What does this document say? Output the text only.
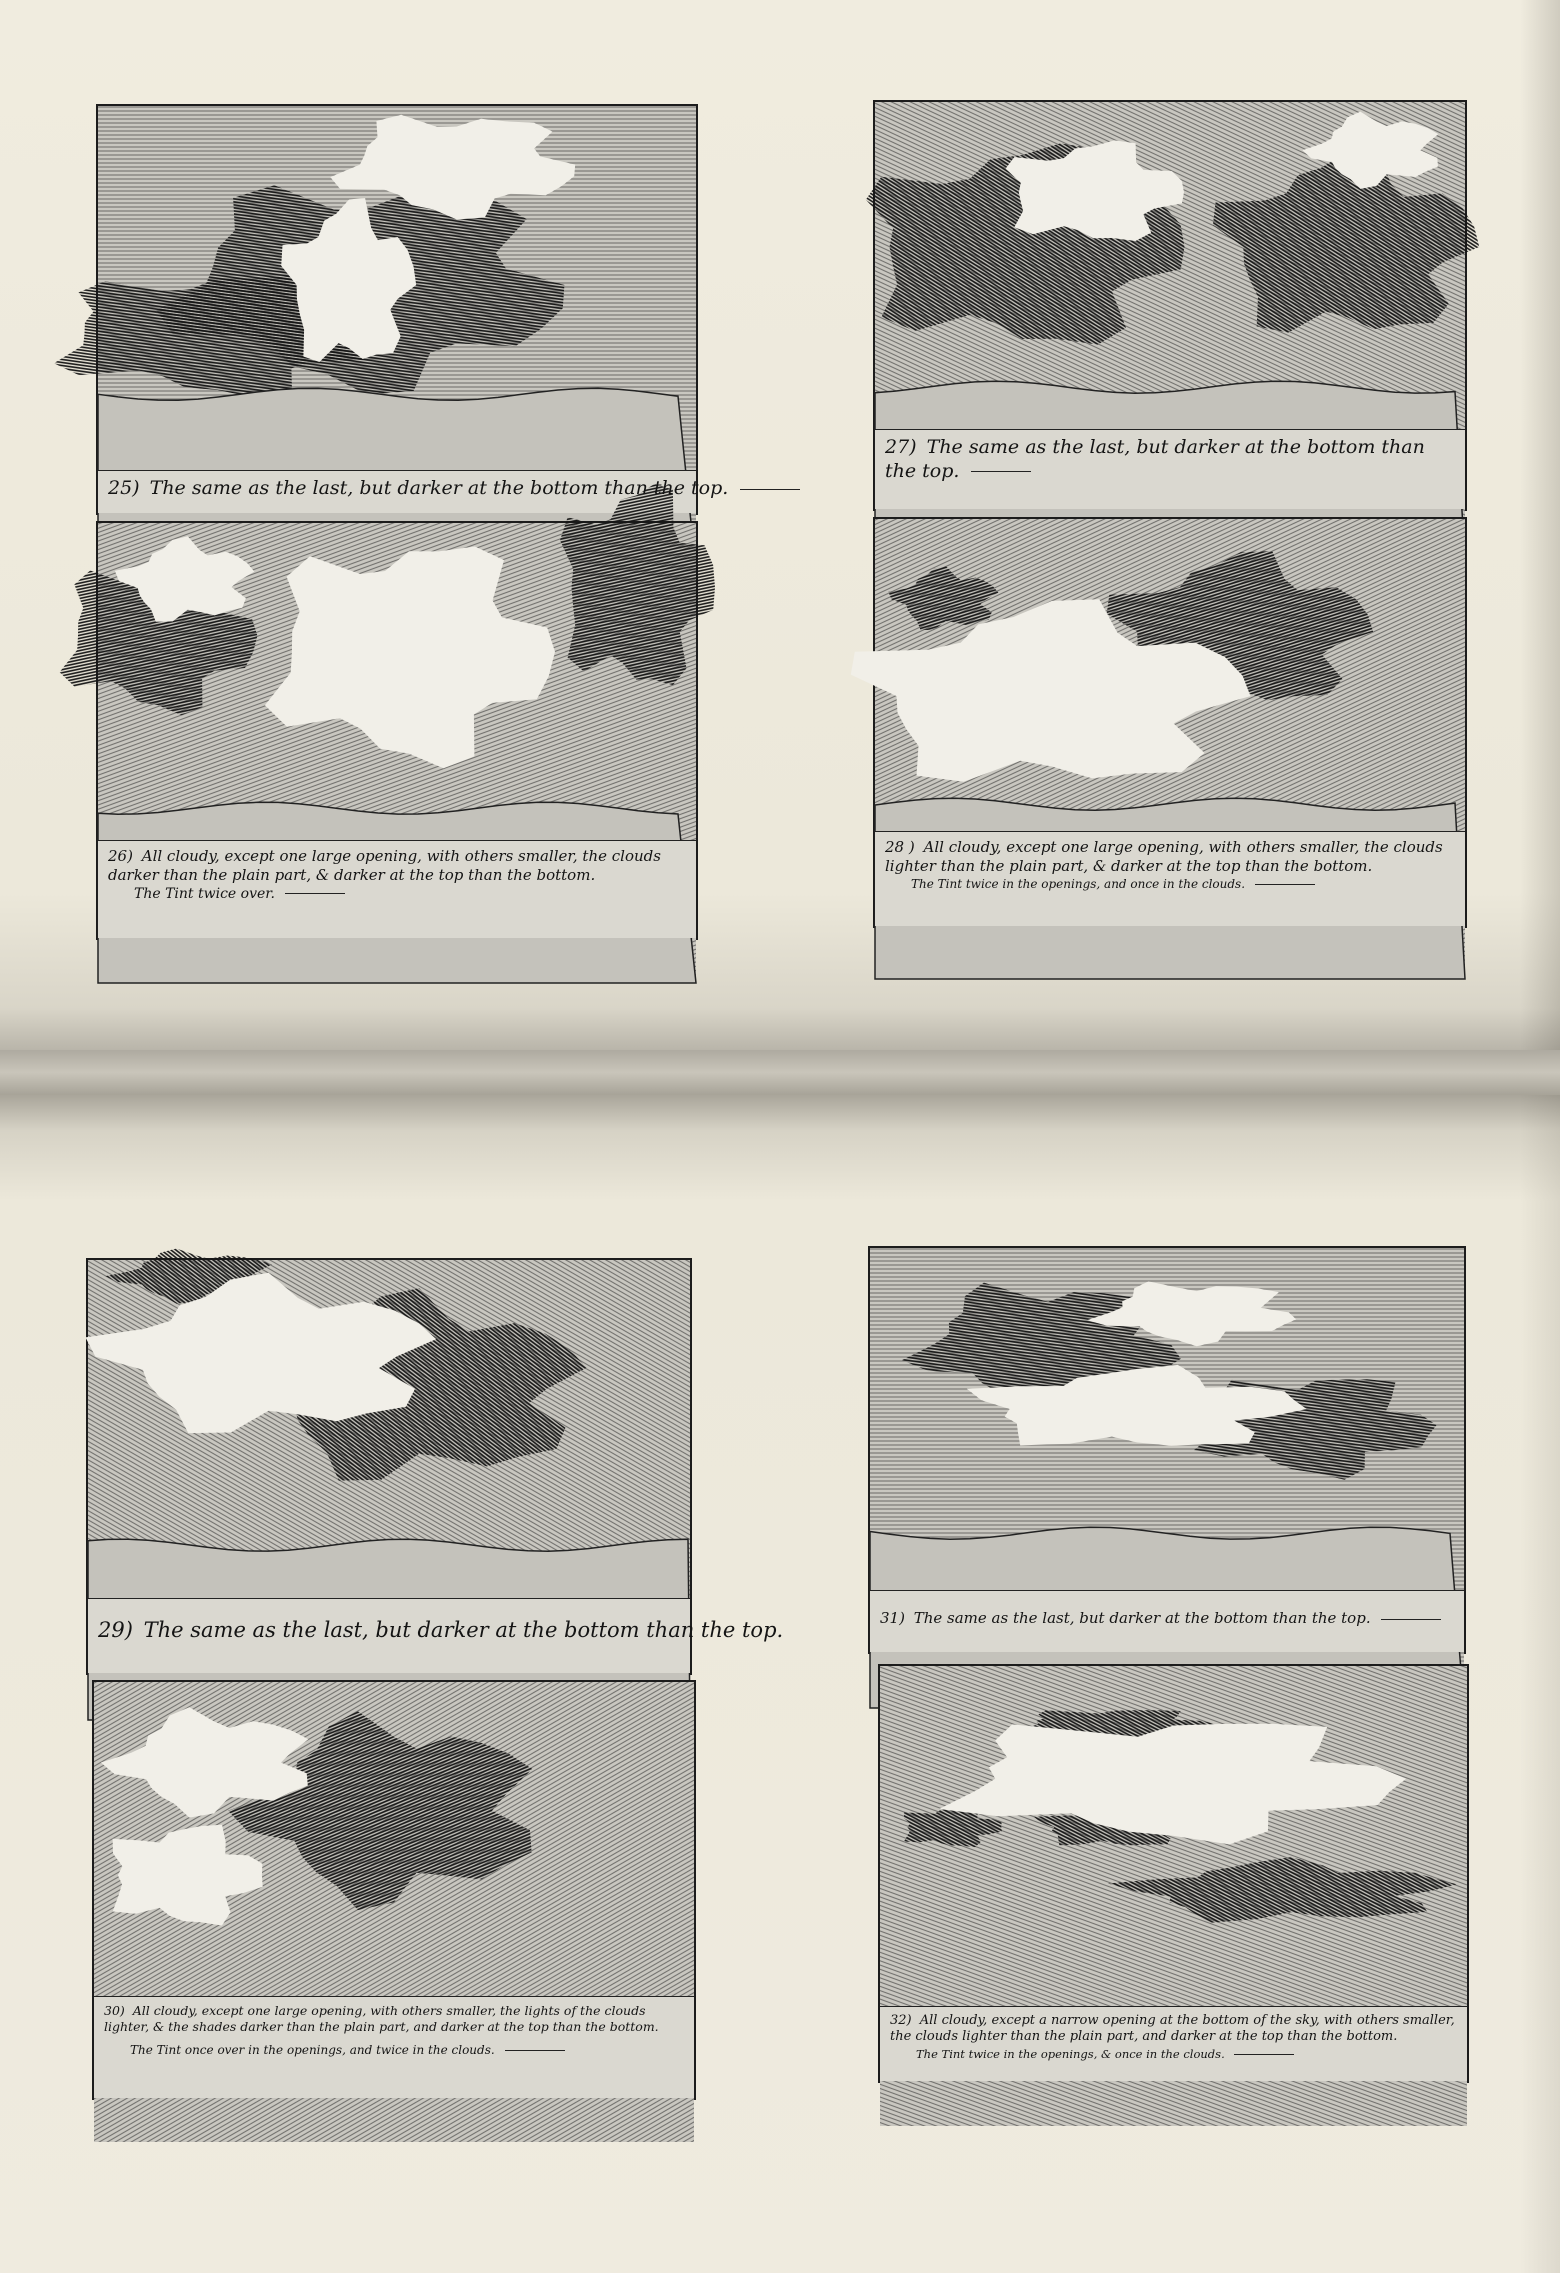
25) The same as the last, but darker at the bottom than the top.
26) All cloudy, except one large opening, with others smaller, the clouds darker than the plain part, & darker at the top than the bottom.
The Tint twice over.
27) The same as the last, but darker at the bottom than the top.
28 ) All cloudy, except one large opening, with others smaller, the clouds lighter than the plain part, & darker at the top than the bottom.
The Tint twice in the openings, and once in the clouds.
29) The same as the last, but darker at the bottom than the top.
30) All cloudy, except one large opening, with others smaller, the lights of the clouds lighter, & the shades darker than the plain part, and darker at the top than the bottom.
The Tint once over in the openings, and twice in the clouds.
31) The same as the last, but darker at the bottom than the top.
32) All cloudy, except a narrow opening at the bottom of the sky, with others smaller, the clouds lighter than the plain part, and darker at the top than the bottom.
The Tint twice in the openings, & once in the clouds.
